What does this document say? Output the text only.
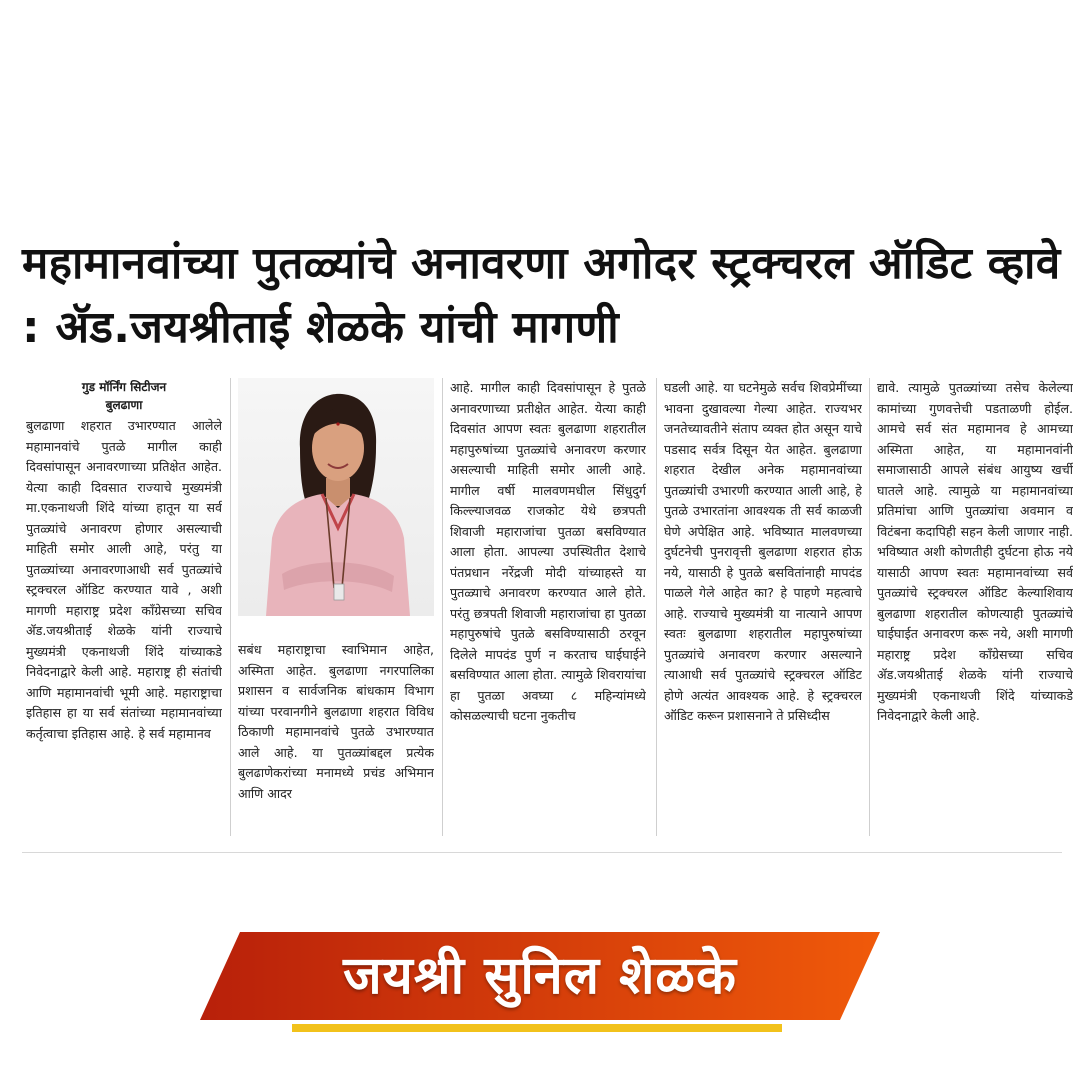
महामानवांच्या पुतळ्यांचे अनावरणा अगोदर स्ट्रक्चरल ऑडिट व्हावे : ॲड.जयश्रीताई शेळके यांची मागणी
गुड मॉर्निंग सिटीजन
बुलढाणा
बुलढाणा शहरात उभारण्यात आलेले महामानवांचे पुतळे मागील काही दिवसांपासून अनावरणाच्या प्रतिक्षेत आहेत. येत्या काही दिवसात राज्याचे मुख्यमंत्री मा.एकनाथजी शिंदे यांच्या हातून या सर्व पुतळ्यांचे अनावरण होणार असल्याची माहिती समोर आली आहे, परंतु या पुतळ्यांच्या अनावरणाआधी सर्व पुतळ्यांचे स्ट्रक्चरल ऑडिट करण्यात यावे , अशी मागणी महाराष्ट्र प्रदेश काँग्रेसच्या सचिव ॲड.जयश्रीताई शेळके यांनी राज्याचे मुख्यमंत्री एकनाथजी शिंदे यांच्याकडे निवेदनाद्वारे केली आहे. महाराष्ट्र ही संतांची आणि महामानवांची भूमी आहे. महाराष्ट्राचा इतिहास हा या सर्व संतांच्या महामानवांच्या कर्तृत्वाचा इतिहास आहे. हे सर्व महामानव
सबंध महाराष्ट्राचा स्वाभिमान आहेत, अस्मिता आहेत. बुलढाणा नगरपालिका प्रशासन व सार्वजनिक बांधकाम विभाग यांच्या परवानगीने बुलढाणा शहरात विविध ठिकाणी महामानवांचे पुतळे उभारण्यात आले आहे. या पुतळ्यांबद्दल प्रत्येक बुलढाणेकरांच्या मनामध्ये प्रचंड अभिमान आणि आदर
आहे. मागील काही दिवसांपासून हे पुतळे अनावरणाच्या प्रतीक्षेत आहेत. येत्या काही दिवसांत आपण स्वतः बुलढाणा शहरातील महापुरुषांच्या पुतळ्यांचे अनावरण करणार असल्याची माहिती समोर आली आहे. मागील वर्षी मालवणमधील सिंधुदुर्ग किल्ल्याजवळ राजकोट येथे छत्रपती शिवाजी महाराजांचा पुतळा बसविण्यात आला होता. आपल्या उपस्थितीत देशाचे पंतप्रधान नरेंद्रजी मोदी यांच्याहस्ते या पुतळ्याचे अनावरण करण्यात आले होते. परंतु छत्रपती शिवाजी महाराजांचा हा पुतळा महापुरुषांचे पुतळे बसविण्यासाठी ठरवून दिलेले मापदंड पुर्ण न करताच घाईघाईने बसविण्यात आला होता. त्यामुळे शिवरायांचा हा पुतळा अवघ्या ८ महिन्यांमध्ये कोसळल्याची घटना नुकतीच
घडली आहे. या घटनेमुळे सर्वच शिवप्रेमींच्या भावना दुखावल्या गेल्या आहेत. राज्यभर जनतेच्यावतीने संताप व्यक्त होत असून याचे पडसाद सर्वत्र दिसून येत आहेत. बुलढाणा शहरात देखील अनेक महामानवांच्या पुतळ्यांची उभारणी करण्यात आली आहे, हे पुतळे उभारतांना आवश्यक ती सर्व काळजी घेणे अपेक्षित आहे. भविष्यात मालवणच्या दुर्घटनेची पुनरावृत्ती बुलढाणा शहरात होऊ नये, यासाठी हे पुतळे बसवितांनाही मापदंड पाळले गेले आहेत का? हे पाहणे महत्वाचे आहे. राज्याचे मुख्यमंत्री या नात्याने आपण स्वतः बुलढाणा शहरातील महापुरुषांच्या पुतळ्यांचे अनावरण करणार असल्याने त्याआधी सर्व पुतळ्यांचे स्ट्रक्चरल ऑडिट होणे अत्यंत आवश्यक आहे. हे स्ट्रक्चरल ऑडिट करून प्रशासनाने ते प्रसिध्दीस
द्यावे. त्यामुळे पुतळ्यांच्या तसेच केलेल्या कामांच्या गुणवत्तेची पडताळणी होईल. आमचे सर्व संत महामानव हे आमच्या अस्मिता आहेत, या महामानवांनी समाजासाठी आपले संबंध आयुष्य खर्ची घातले आहे. त्यामुळे या महामानवांच्या प्रतिमांचा आणि पुतळ्यांचा अवमान व विटंबना कदापिही सहन केली जाणार नाही. भविष्यात अशी कोणतीही दुर्घटना होऊ नये यासाठी आपण स्वतः महामानवांच्या सर्व पुतळ्यांचे स्ट्रक्चरल ऑडिट केल्याशिवाय बुलढाणा शहरातील कोणत्याही पुतळ्यांचे घाईघाईत अनावरण करू नये, अशी मागणी महाराष्ट्र प्रदेश काँग्रेसच्या सचिव ॲड.जयश्रीताई शेळके यांनी राज्याचे मुख्यमंत्री एकनाथजी शिंदे यांच्याकडे निवेदनाद्वारे केली आहे.
जयश्री सुनिल शेळके
